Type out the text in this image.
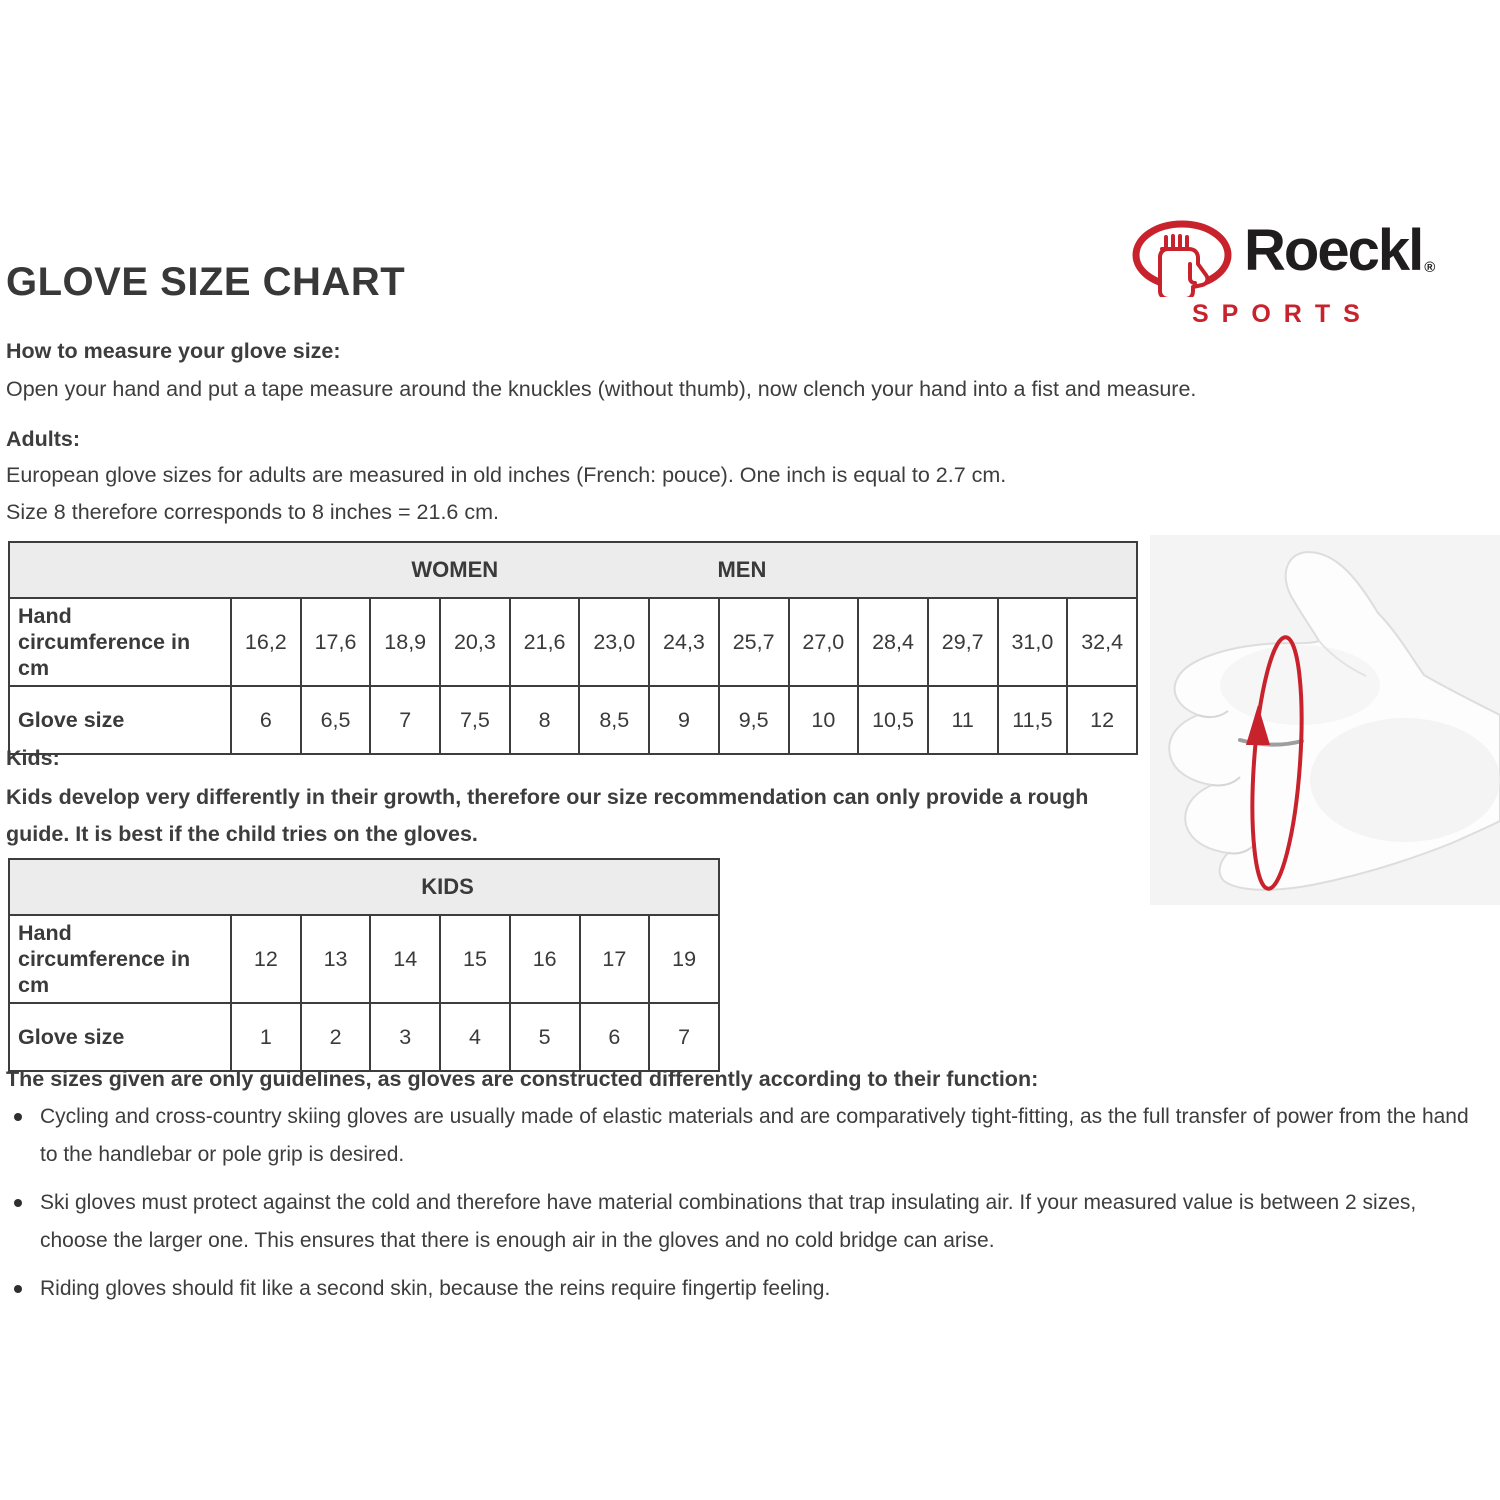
GLOVE SIZE CHART	Roeckl ®
SPORTS
How to measure your glove size:
Open your hand and put a tape measure around the knuckles (without thumb), now clench your hand into a fist and measure.
Adults:
European glove sizes for adults are measured in old inches (French: pouce). One inch is equal to 2.7 cm.
Size 8 therefore corresponds to 8 inches = 21.6 cm.
WOMEN MEN													

Hand circumference in cm	16,2	17,6	18,9	20,3	21,6	23,0	24,3	25,7	27,0	28,4	29,7	31,0	32,4
Glove size	6	6,5	7	7,5	8	8,5	9	9,5	10	10,5	11	11,5	12
Kids:
Kids develop very differently in their growth, therefore our size recommendation can only provide a rough guide. It is best if the child tries on the gloves.
KIDS							

Hand circumference in cm	12	13	14	15	16	17	19
Glove size	1	2	3	4	5	6	7
The sizes given are only guidelines, as gloves are constructed differently according to their function:
Cycling and cross-country skiing gloves are usually made of elastic materials and are comparatively tight-fitting, as the full transfer of power from the hand to the handlebar or pole grip is desired.
Ski gloves must protect against the cold and therefore have material combinations that trap insulating air. If your measured value is between 2 sizes, choose the larger one. This ensures that there is enough air in the gloves and no cold bridge can arise.
Riding gloves should fit like a second skin, because the reins require fingertip feeling.
